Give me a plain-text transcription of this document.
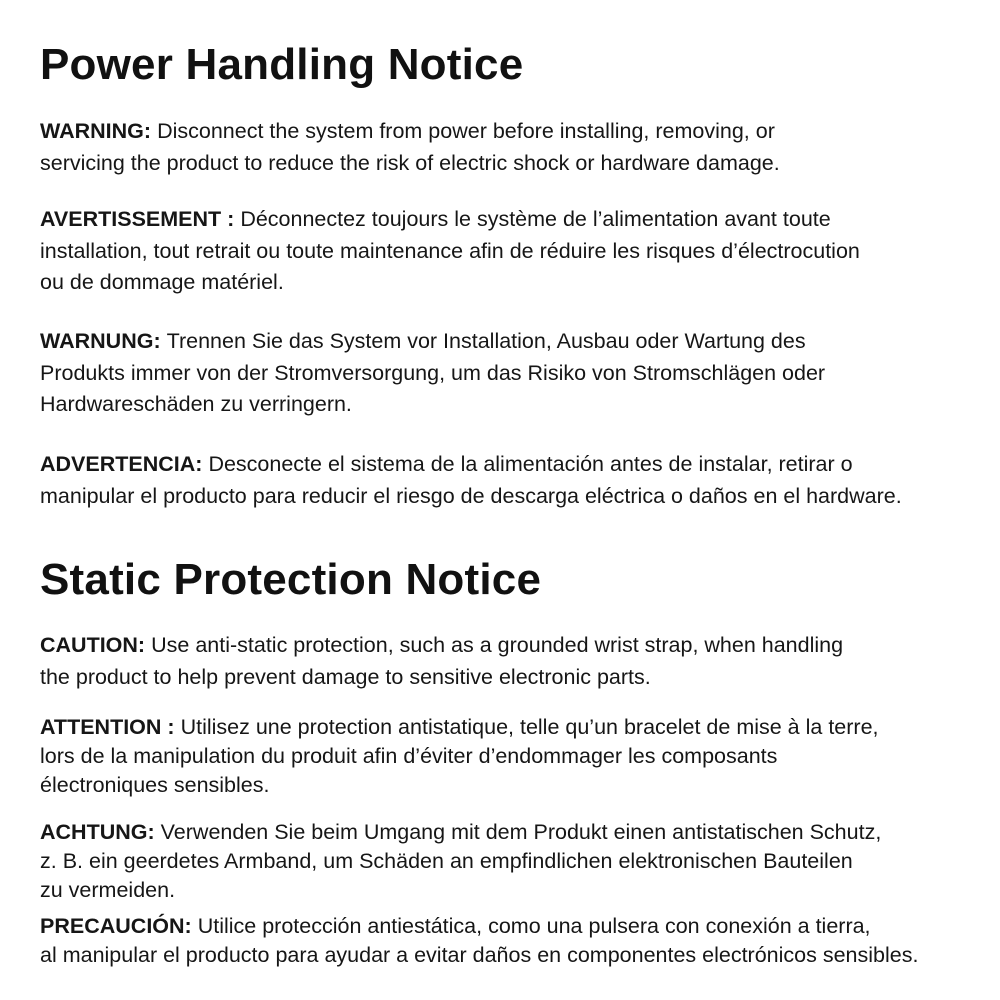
Power Handling Notice

WARNING: Disconnect the system from power before installing, removing, or
servicing the product to reduce the risk of electric shock or hardware damage.

AVERTISSEMENT : Déconnectez toujours le système de l’alimentation avant toute
installation, tout retrait ou toute maintenance afin de réduire les risques d’électrocution
ou de dommage matériel.

WARNUNG: Trennen Sie das System vor Installation, Ausbau oder Wartung des
Produkts immer von der Stromversorgung, um das Risiko von Stromschlägen oder
Hardwareschäden zu verringern.

ADVERTENCIA: Desconecte el sistema de la alimentación antes de instalar, retirar o
manipular el producto para reducir el riesgo de descarga eléctrica o daños en el hardware.

Static Protection Notice

CAUTION: Use anti-static protection, such as a grounded wrist strap, when handling
the product to help prevent damage to sensitive electronic parts.

ATTENTION : Utilisez une protection antistatique, telle qu’un bracelet de mise à la terre,
lors de la manipulation du produit afin d’éviter d’endommager les composants
électroniques sensibles.

ACHTUNG: Verwenden Sie beim Umgang mit dem Produkt einen antistatischen Schutz,
z. B. ein geerdetes Armband, um Schäden an empfindlichen elektronischen Bauteilen
zu vermeiden.

PRECAUCIÓN: Utilice protección antiestática, como una pulsera con conexión a tierra,
al manipular el producto para ayudar a evitar daños en componentes electrónicos sensibles.
